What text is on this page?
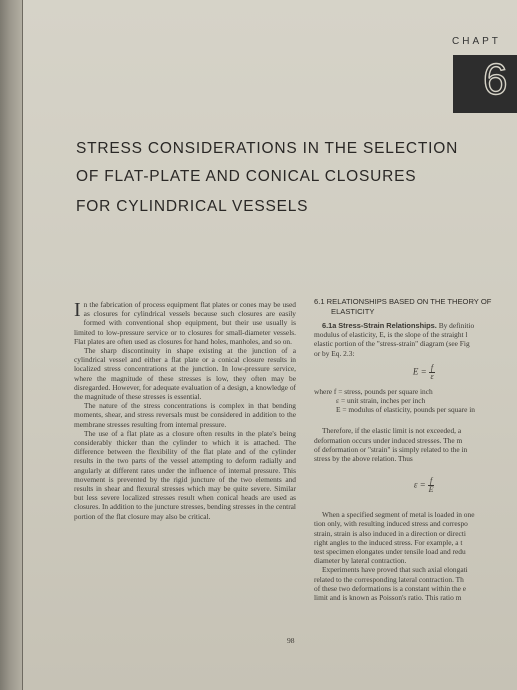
CHAPT
6
STRESS CONSIDERATIONS IN THE SELECTION
OF FLAT-PLATE AND CONICAL CLOSURES
FOR CYLINDRICAL VESSELS

I n the fabrication of process equipment flat plates or cones may be used as closures for cylindrical vessels because such closures are easily formed with conventional shop equipment, but their use usually is limited to low-pressure service or to closures for small-diameter vessels. Flat plates are often used as closures for hand holes, manholes, and so on.

The sharp discontinuity in shape existing at the junction of a cylindrical vessel and either a flat plate or a conical closure results in localized stress concentrations at the junction. In low-pressure service, where the magnitude of these stresses is low, they often may be disregarded. However, for adequate evaluation of a design, a knowledge of the magnitude of these stresses is essential.

The nature of the stress concentrations is complex in that bending moments, shear, and stress reversals must be considered in addition to the membrane stresses resulting from internal pressure.

The use of a flat plate as a closure often results in the plate's being considerably thicker than the cylinder to which it is attached. The difference between the flexibility of the flat plate and of the cylinder results in the two parts of the vessel attempting to deform radially and angularly at different rates under the influence of internal pressure. This movement is prevented by the rigid juncture of the two elements and results in shear and flexural stresses which may be quite severe. Similar but less severe localized stresses result when conical heads are used as closures. In addition to the juncture stresses, bending stresses in the central portion of the flat closure may also be critical.

6.1 RELATIONSHIPS BASED ON THE THEORY OF
ELASTICITY
6.1a Stress-Strain Relationships. By definitio
modulus of elasticity, E, is the slope of the straight l
elastic portion of the "stress-strain" diagram (see Fig
or by Eq. 2.3:
$E = \frac{f}{\varepsilon}$
where f = stress, pounds per square inch
ε = unit strain, inches per inch
E = modulus of elasticity, pounds per square in
Therefore, if the elastic limit is not exceeded, a
deformation occurs under induced stresses. The m
of deformation or "strain" is simply related to the in
stress by the above relation. Thus
$\varepsilon = \frac{f}{E}$
When a specified segment of metal is loaded in one
tion only, with resulting induced stress and correspo
strain, strain is also induced in a direction or directi
right angles to the induced stress. For example, a t
test specimen elongates under tensile load and redu
diameter by lateral contraction.
Experiments have proved that such axial elongati
related to the corresponding lateral contraction. Th
of these two deformations is a constant within the e
limit and is known as Poisson's ratio. This ratio m
98
